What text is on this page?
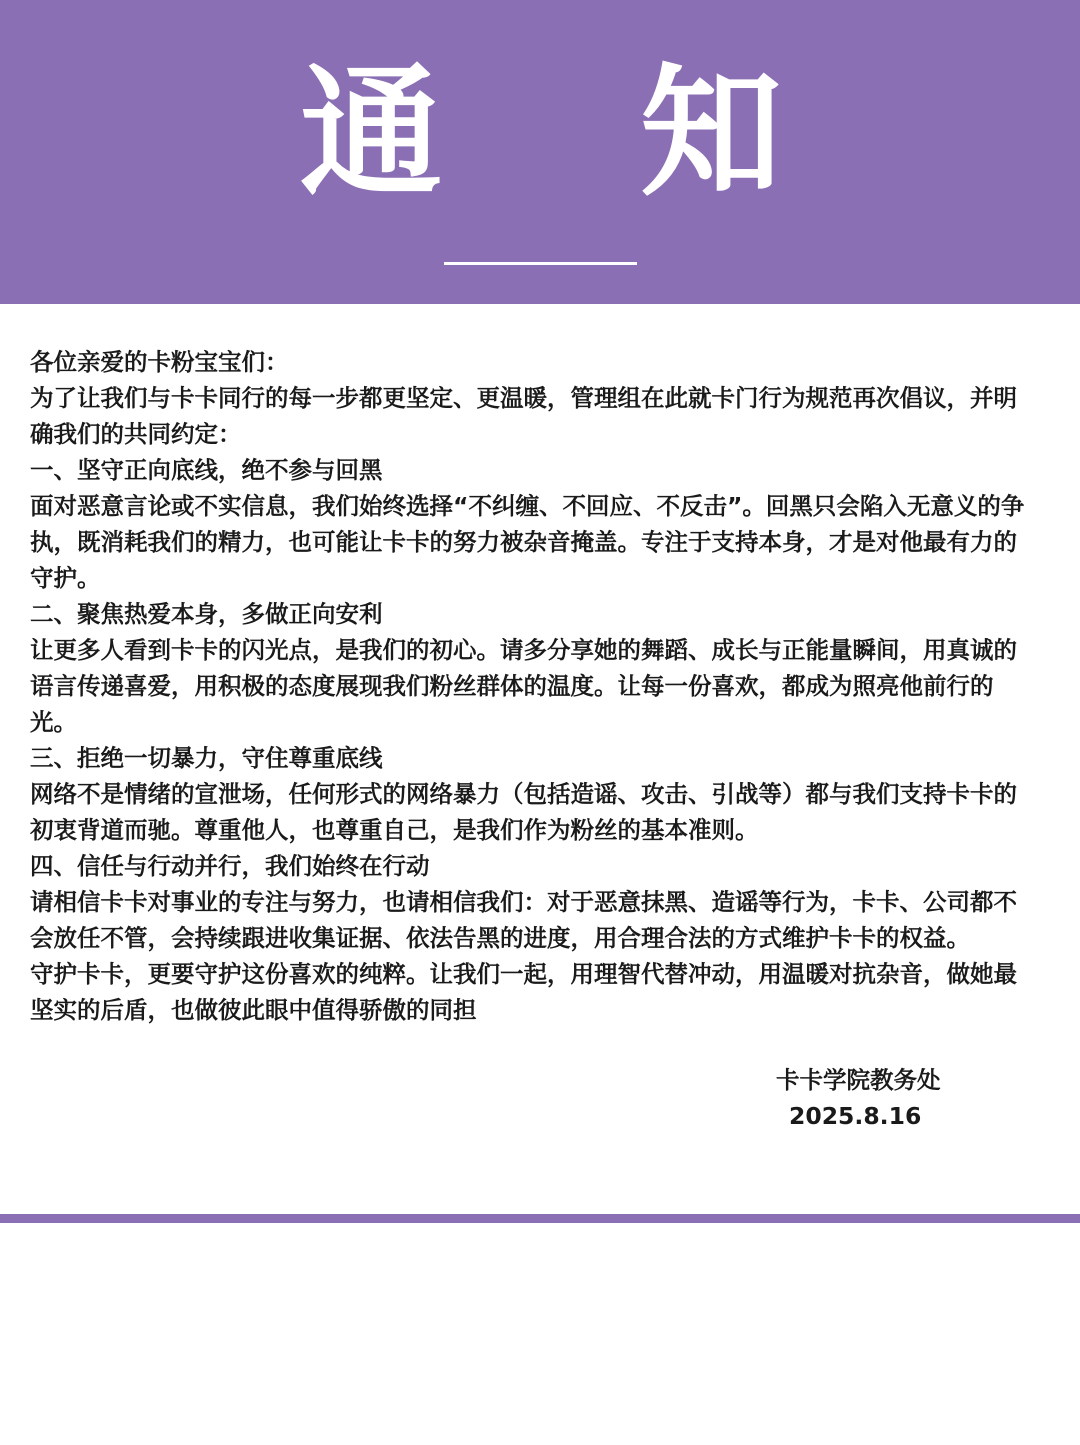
通 知

各位亲爱的卡粉宝宝们：

为了让我们与卡卡同行的每一步都更坚定、更温暖，管理组在此就卡门行为规范再次倡议，并明确我们的共同约定：

一、坚守正向底线，绝不参与回黑

面对恶意言论或不实信息，我们始终选择“不纠缠、不回应、不反击”。回黑只会陷入无意义的争执，既消耗我们的精力，也可能让卡卡的努力被杂音掩盖。专注于支持本身，才是对他最有力的守护。

二、聚焦热爱本身，多做正向安利

让更多人看到卡卡的闪光点，是我们的初心。请多分享她的舞蹈、成长与正能量瞬间，用真诚的语言传递喜爱，用积极的态度展现我们粉丝群体的温度。让每一份喜欢，都成为照亮他前行的光。

三、拒绝一切暴力，守住尊重底线

网络不是情绪的宣泄场，任何形式的网络暴力（包括造谣、攻击、引战等）都与我们支持卡卡的初衷背道而驰。尊重他人，也尊重自己，是我们作为粉丝的基本准则。

四、信任与行动并行，我们始终在行动

请相信卡卡对事业的专注与努力，也请相信我们：对于恶意抹黑、造谣等行为，卡卡、公司都不会放任不管，会持续跟进收集证据、依法告黑的进度，用合理合法的方式维护卡卡的权益。

守护卡卡，更要守护这份喜欢的纯粹。让我们一起，用理智代替冲动，用温暖对抗杂音，做她最坚实的后盾，也做彼此眼中值得骄傲的同担

卡卡学院教务处
2025.8.16
